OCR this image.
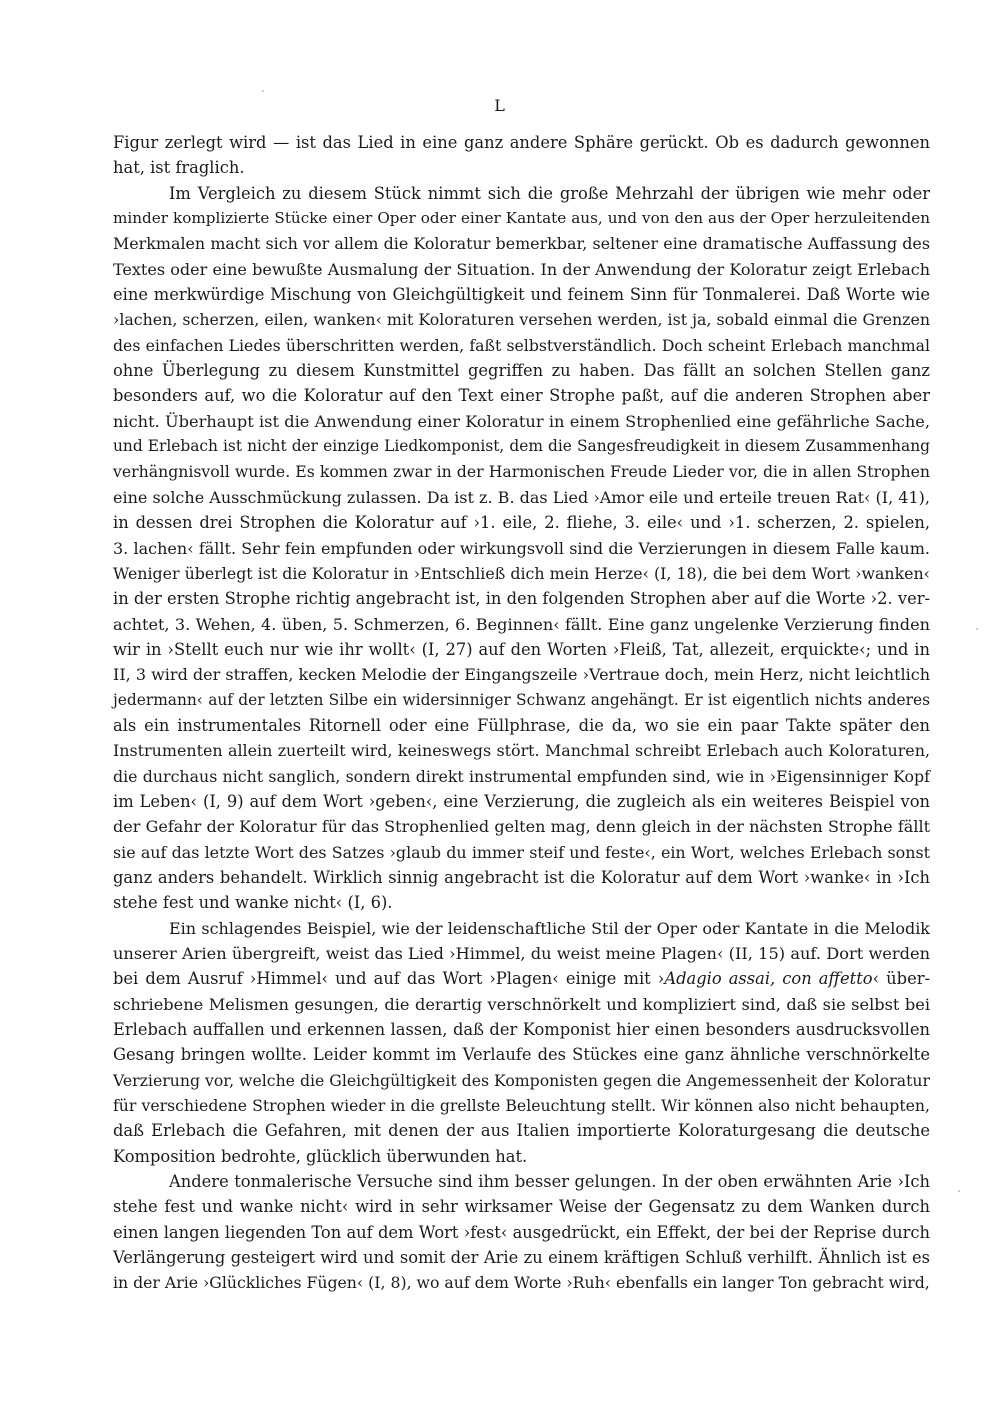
L

Figur zerlegt wird — ist das Lied in eine ganz andere Sphäre gerückt. Ob es dadurch gewonnen
hat, ist fraglich.

Im Vergleich zu diesem Stück nimmt sich die große Mehrzahl der übrigen wie mehr oder
minder komplizierte Stücke einer Oper oder einer Kantate aus, und von den aus der Oper herzuleitenden
Merkmalen macht sich vor allem die Koloratur bemerkbar, seltener eine dramatische Auffassung des
Textes oder eine bewußte Ausmalung der Situation. In der Anwendung der Koloratur zeigt Erlebach
eine merkwürdige Mischung von Gleichgültigkeit und feinem Sinn für Tonmalerei. Daß Worte wie
›lachen, scherzen, eilen, wanken‹ mit Koloraturen versehen werden, ist ja, sobald einmal die Grenzen
des einfachen Liedes überschritten werden, faßt selbstverständlich. Doch scheint Erlebach manchmal
ohne Überlegung zu diesem Kunstmittel gegriffen zu haben. Das fällt an solchen Stellen ganz
besonders auf, wo die Koloratur auf den Text einer Strophe paßt, auf die anderen Strophen aber
nicht. Überhaupt ist die Anwendung einer Koloratur in einem Strophenlied eine gefährliche Sache,
und Erlebach ist nicht der einzige Liedkomponist, dem die Sangesfreudigkeit in diesem Zusammenhang
verhängnisvoll wurde. Es kommen zwar in der Harmonischen Freude Lieder vor, die in allen Strophen
eine solche Ausschmückung zulassen. Da ist z. B. das Lied ›Amor eile und erteile treuen Rat‹ (I, 41),
in dessen drei Strophen die Koloratur auf ›1. eile, 2. fliehe, 3. eile‹ und ›1. scherzen, 2. spielen,
3. lachen‹ fällt. Sehr fein empfunden oder wirkungsvoll sind die Verzierungen in diesem Falle kaum.
Weniger überlegt ist die Koloratur in ›Entschließ dich mein Herze‹ (I, 18), die bei dem Wort ›wanken‹
in der ersten Strophe richtig angebracht ist, in den folgenden Strophen aber auf die Worte ›2. ver-
achtet, 3. Wehen, 4. üben, 5. Schmerzen, 6. Beginnen‹ fällt. Eine ganz ungelenke Verzierung finden
wir in ›Stellt euch nur wie ihr wollt‹ (I, 27) auf den Worten ›Fleiß, Tat, allezeit, erquickte‹; und in
II, 3 wird der straffen, kecken Melodie der Eingangszeile ›Vertraue doch, mein Herz, nicht leichtlich
jedermann‹ auf der letzten Silbe ein widersinniger Schwanz angehängt. Er ist eigentlich nichts anderes
als ein instrumentales Ritornell oder eine Füllphrase, die da, wo sie ein paar Takte später den
Instrumenten allein zuerteilt wird, keineswegs stört. Manchmal schreibt Erlebach auch Koloraturen,
die durchaus nicht sanglich, sondern direkt instrumental empfunden sind, wie in ›Eigensinniger Kopf
im Leben‹ (I, 9) auf dem Wort ›geben‹, eine Verzierung, die zugleich als ein weiteres Beispiel von
der Gefahr der Koloratur für das Strophenlied gelten mag, denn gleich in der nächsten Strophe fällt
sie auf das letzte Wort des Satzes ›glaub du immer steif und feste‹, ein Wort, welches Erlebach sonst
ganz anders behandelt. Wirklich sinnig angebracht ist die Koloratur auf dem Wort ›wanke‹ in ›Ich
stehe fest und wanke nicht‹ (I, 6).

Ein schlagendes Beispiel, wie der leidenschaftliche Stil der Oper oder Kantate in die Melodik
unserer Arien übergreift, weist das Lied ›Himmel, du weist meine Plagen‹ (II, 15) auf. Dort werden
bei dem Ausruf ›Himmel‹ und auf das Wort ›Plagen‹ einige mit ›Adagio assai, con affetto‹ über-
schriebene Melismen gesungen, die derartig verschnörkelt und kompliziert sind, daß sie selbst bei
Erlebach auffallen und erkennen lassen, daß der Komponist hier einen besonders ausdrucksvollen
Gesang bringen wollte. Leider kommt im Verlaufe des Stückes eine ganz ähnliche verschnörkelte
Verzierung vor, welche die Gleichgültigkeit des Komponisten gegen die Angemessenheit der Koloratur
für verschiedene Strophen wieder in die grellste Beleuchtung stellt. Wir können also nicht behaupten,
daß Erlebach die Gefahren, mit denen der aus Italien importierte Koloraturgesang die deutsche
Komposition bedrohte, glücklich überwunden hat.

Andere tonmalerische Versuche sind ihm besser gelungen. In der oben erwähnten Arie ›Ich
stehe fest und wanke nicht‹ wird in sehr wirksamer Weise der Gegensatz zu dem Wanken durch
einen langen liegenden Ton auf dem Wort ›fest‹ ausgedrückt, ein Effekt, der bei der Reprise durch
Verlängerung gesteigert wird und somit der Arie zu einem kräftigen Schluß verhilft. Ähnlich ist es
in der Arie ›Glückliches Fügen‹ (I, 8), wo auf dem Worte ›Ruh‹ ebenfalls ein langer Ton gebracht wird,
